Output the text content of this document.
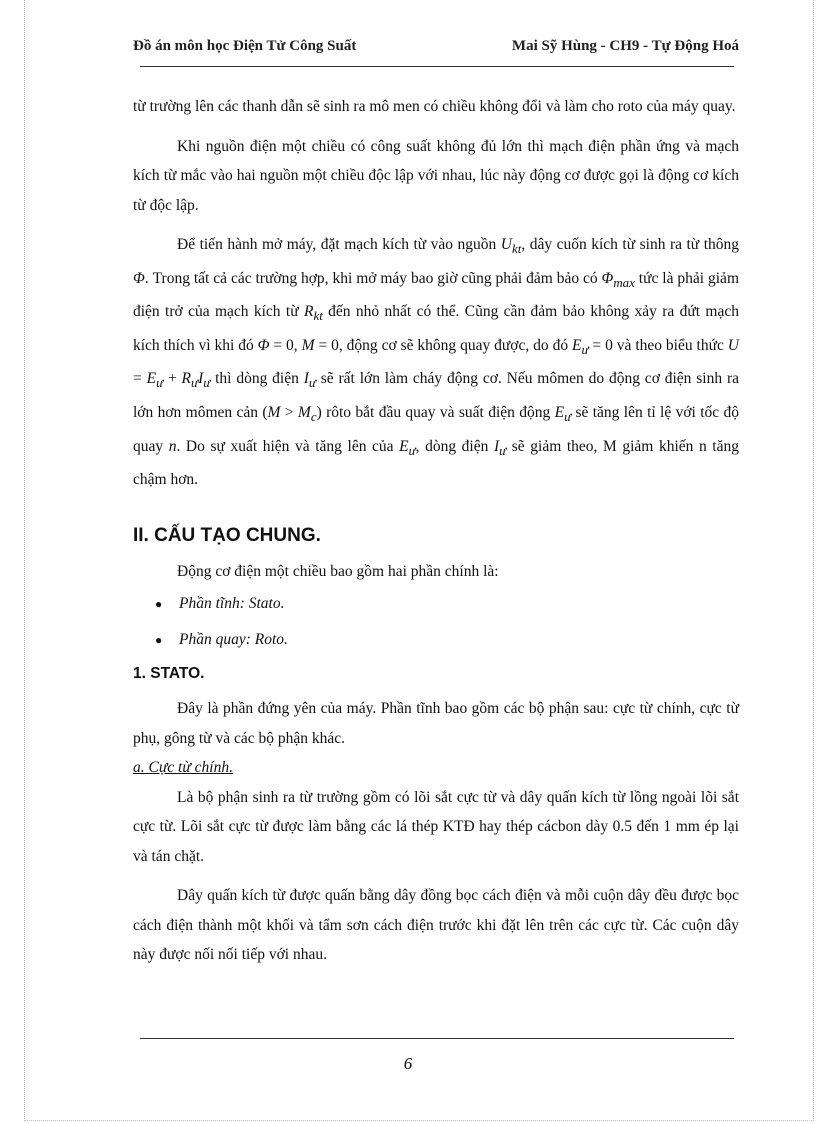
Đồ án môn học Điện Tử Công Suất	Mai Sỹ Hùng - CH9 - Tự Động Hoá

từ trường lên các thanh dẫn sẽ sinh ra mô men có chiều không đổi và làm cho roto của máy quay.

Khi nguồn điện một chiều có công suất không đủ lớn thì mạch điện phần ứng và mạch kích từ mắc vào hai nguồn một chiều độc lập với nhau, lúc này động cơ được gọi là động cơ kích từ độc lập.

Để tiến hành mở máy, đặt mạch kích từ vào nguồn $U_{kt}$, dây cuốn kích từ sinh ra từ thông Φ. Trong tất cả các trường hợp, khi mở máy bao giờ cũng phải đảm bảo có $\Phi_{max}$ tức là phải giảm điện trở của mạch kích từ $R_{kt}$ đến nhỏ nhất có thể. Cũng cần đảm bảo không xảy ra đứt mạch kích thích vì khi đó Φ = 0, M = 0, động cơ sẽ không quay được, do đó $E_ư = 0$ và theo biểu thức $U = E_ư + R_ưI_ư$ thì dòng điện $I_ư$ sẽ rất lớn làm cháy động cơ. Nếu mômen do động cơ điện sinh ra lớn hơn mômen cản $(M > M_c)$ rôto bắt đầu quay và suất điện động $E_ư$ sẽ tăng lên tỉ lệ với tốc độ quay n. Do sự xuất hiện và tăng lên của $E_ư$, dòng điện $I_ư$ sẽ giảm theo, M giảm khiến n tăng chậm hơn.

II. CẤU TẠO CHUNG.

Động cơ điện một chiều bao gồm hai phần chính là:

● Phần tĩnh: Stato.
● Phần quay: Roto.
1. STATO.

Đây là phần đứng yên của máy. Phần tĩnh bao gồm các bộ phận sau: cực từ chính, cực từ phụ, gông từ và các bộ phận khác.

a. Cực từ chính.

Là bộ phận sinh ra từ trường gồm có lõi sắt cực từ và dây quấn kích từ lồng ngoài lõi sắt cực từ. Lõi sắt cực từ được làm bằng các lá thép KTĐ hay thép cácbon dày 0.5 đến 1 mm ép lại và tán chặt.

Dây quấn kích từ được quấn bằng dây đồng bọc cách điện và mỗi cuộn dây đều được bọc cách điện thành một khối và tẩm sơn cách điện trước khi đặt lên trên các cực từ. Các cuộn dây này được nối nối tiếp với nhau.

6
